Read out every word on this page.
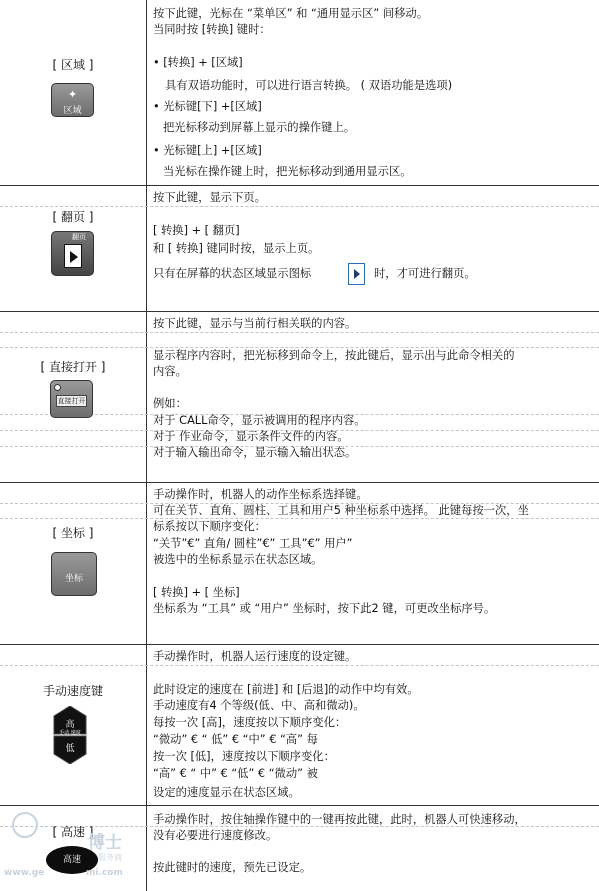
[ 区域 ]
✦
区域
按下此键，光标在 “菜单区” 和 “通用显示区” 间移动。
当同时按 [转换] 键时：
• [转换] + [区域]
具有双语功能时，可以进行语言转换。 ( 双语功能是选项)
• 光标键[下] +[区域]
把光标移动到屏幕上显示的操作键上。
• 光标键[上] +[区域]
当光标在操作键上时，把光标移动到通用显示区。
[ 翻页 ]
翻页
按下此键，显示下页。
[ 转换] + [ 翻页]
和 [ 转换] 键同时按，显示上页。
只有在屏幕的状态区域显示图标	时，才可进行翻页。
[ 直接打开 ]
直接打开
按下此键，显示与当前行相关联的内容。
显示程序内容时，把光标移到命令上，按此键后，显示出与此命令相关的
内容。
例如：
对于 CALL命令，显示被调用的程序内容。
对于 作业命令，显示条件文件的内容。
对于输入输出命令，显示输入输出状态。
[ 坐标 ]
坐标
手动操作时，机器人的动作坐标系选择键。
可在关节、直角、圆柱、工具和用户5 种坐标系中选择。 此键每按一次，坐
标系按以下顺序变化：
“关节”€” 直角/ 圆柱”€” 工具”€” 用户”
被选中的坐标系显示在状态区域。
[ 转换] + [ 坐标]
坐标系为 “工具” 或 “用户” 坐标时，按下此2 键，可更改坐标序号。
手动速度键
高
手动 速度
低
手动操作时，机器人运行速度的设定键。
此时设定的速度在 [前进] 和 [后退]的动作中均有效。
手动速度有4 个等级(低、中、高和微动)。
每按一次 [高]，速度按以下顺序变化：
“微动” € “ 低” € “中” € “高” 每
按一次 [低]，速度按以下顺序变化：
“高” € “ 中” € “低” € “微动” 被
设定的速度显示在状态区域。
[ 高速 ]
高速
手动操作时，按住轴操作键中的一键再按此键，此时，机器人可快速移动，
没有必要进行速度修改。
按此键时的速度，预先已设定。
博士
服务商
www.ge	mi.com
